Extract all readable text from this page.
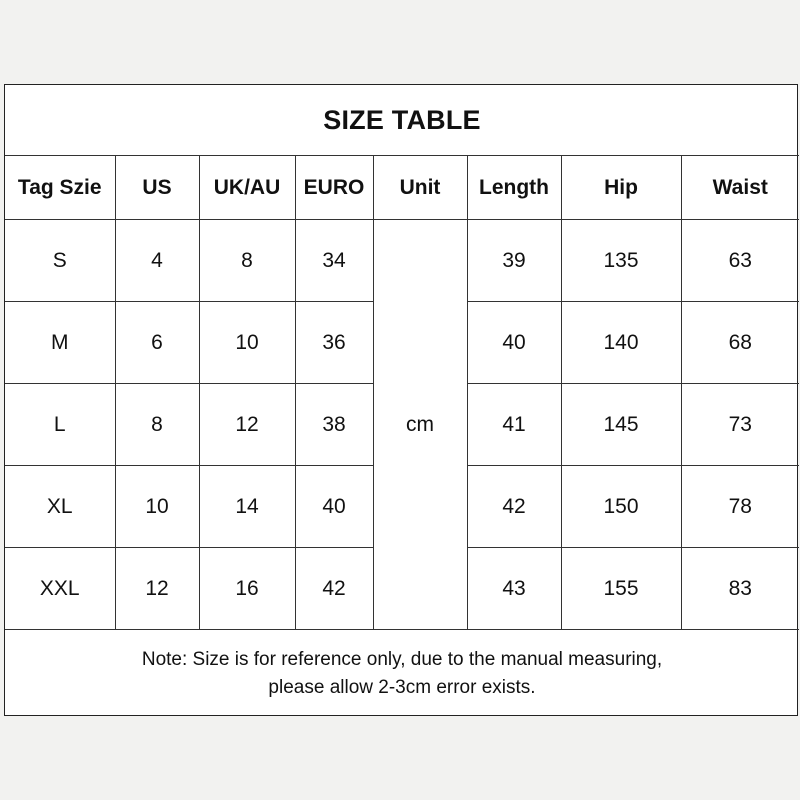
SIZE TABLE							
Tag Szie	US	UK/AU	EURO	Unit	Length	Hip	Waist
S	4	8	34	cm	39	135	63
M	6	10	36		40	140	68
L	8	12	38		41	145	73
XL	10	14	40		42	150	78
XXL	12	16	42		43	155	83

Note: Size is for reference only, due to the manual measuring,
please allow 2-3cm error exists.							
